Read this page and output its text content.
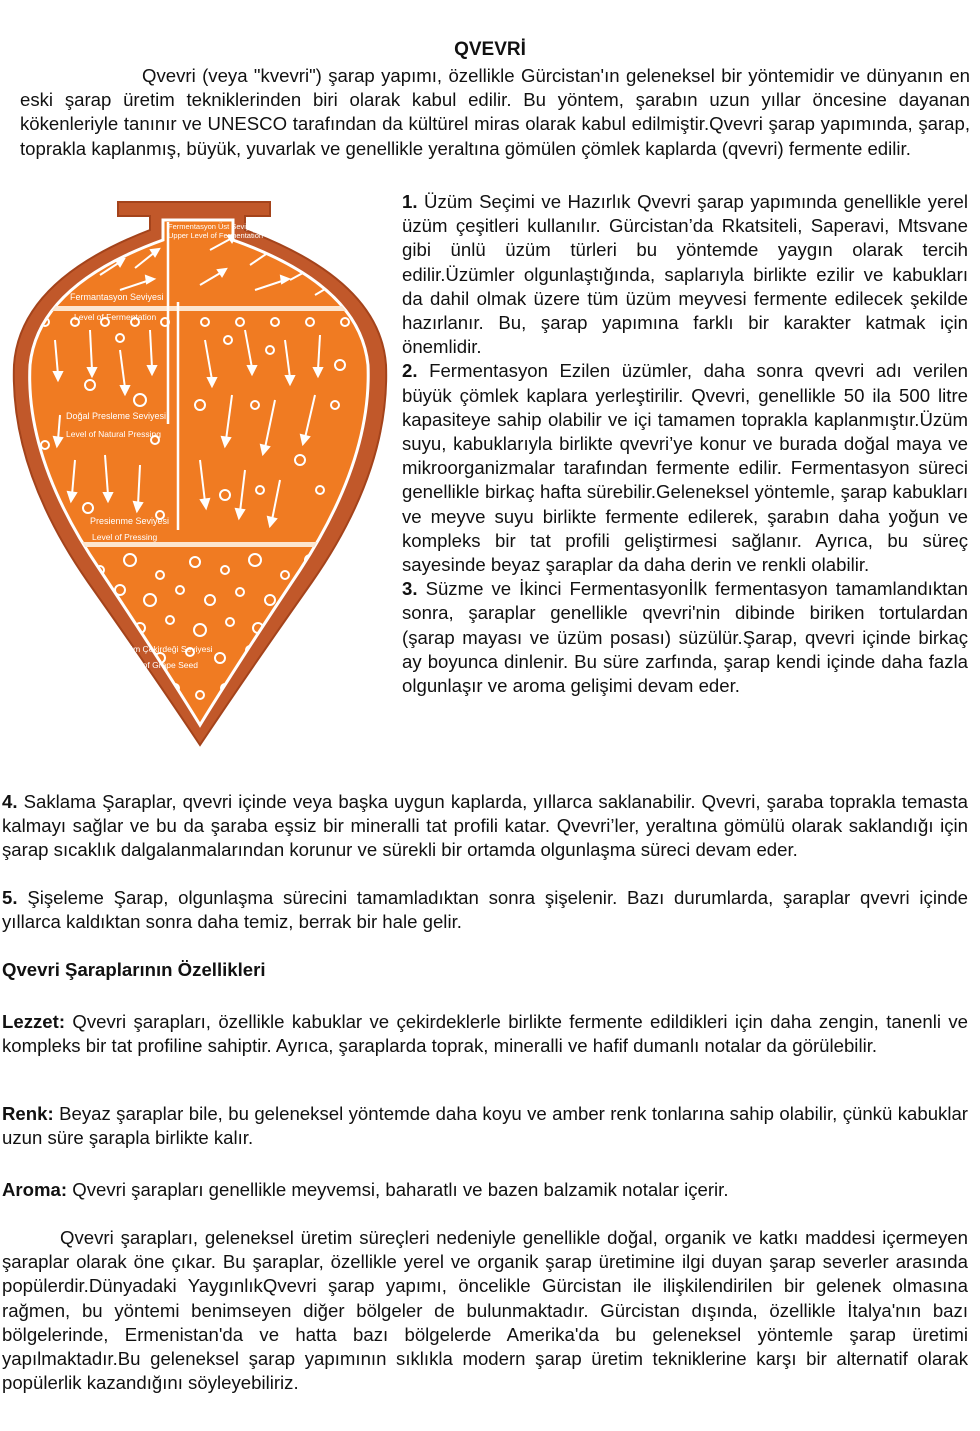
QVEVRİ

Qvevri (veya "kvevri") şarap yapımı, özellikle Gürcistan'ın geleneksel bir yöntemidir ve dünyanın en eski şarap üretim tekniklerinden biri olarak kabul edilir. Bu yöntem, şarabın uzun yıllar öncesine dayanan kökenleriyle tanınır ve UNESCO tarafından da kültürel miras olarak kabul edilmiştir.Qvevri şarap yapımında, şarap, toprakla kaplanmış, büyük, yuvarlak ve genellikle yeraltına gömülen çömlek kaplarda (qvevri) fermente edilir.

Fermentasyon Üst Seviyesi
Upper Level of Fermentation
Fermantasyon Seviyesi
Level of Fermentation
Doğal Presleme Seviyesi
Level of Natural Pressing
Presienme Seviyesi
Level of Pressing
Üzüm Çekirdeği Seviyesi
Level of Grape Seed

1. Üzüm Seçimi ve Hazırlık Qvevri şarap yapımında genellikle yerel üzüm çeşitleri kullanılır. Gürcistan’da Rkatsiteli, Saperavi, Mtsvane gibi ünlü üzüm türleri bu yöntemde yaygın olarak tercih edilir.Üzümler olgunlaştığında, saplarıyla birlikte ezilir ve kabukları da dahil olmak üzere tüm üzüm meyvesi fermente edilecek şekilde hazırlanır. Bu, şarap yapımına farklı bir karakter katmak için önemlidir.

2. Fermentasyon Ezilen üzümler, daha sonra qvevri adı verilen büyük çömlek kaplara yerleştirilir. Qvevri, genellikle 50 ila 500 litre kapasiteye sahip olabilir ve içi tamamen toprakla kaplanmıştır.Üzüm suyu, kabuklarıyla birlikte qvevri’ye konur ve burada doğal maya ve mikroorganizmalar tarafından fermente edilir. Fermentasyon süreci genellikle birkaç hafta sürebilir.Geleneksel yöntemle, şarap kabukları ve meyve suyu birlikte fermente edilerek, şarabın daha yoğun ve kompleks bir tat profili geliştirmesi sağlanır. Ayrıca, bu süreç sayesinde beyaz şaraplar da daha derin ve renkli olabilir.

3. Süzme ve İkinci Fermentasyonİlk fermentasyon tamamlandıktan sonra, şaraplar genellikle qvevri'nin dibinde biriken tortulardan (şarap mayası ve üzüm posası) süzülür.Şarap, qvevri içinde birkaç ay boyunca dinlenir. Bu süre zarfında, şarap kendi içinde daha fazla olgunlaşır ve aroma gelişimi devam eder.

4. Saklama Şaraplar, qvevri içinde veya başka uygun kaplarda, yıllarca saklanabilir. Qvevri, şaraba toprakla temasta kalmayı sağlar ve bu da şaraba eşsiz bir mineralli tat profili katar. Qvevri’ler, yeraltına gömülü olarak saklandığı için şarap sıcaklık dalgalanmalarından korunur ve sürekli bir ortamda olgunlaşma süreci devam eder.
5. Şişeleme Şarap, olgunlaşma sürecini tamamladıktan sonra şişelenir. Bazı durumlarda, şaraplar qvevri içinde yıllarca kaldıktan sonra daha temiz, berrak bir hale gelir.
Qvevri Şaraplarının Özellikleri
Lezzet: Qvevri şarapları, özellikle kabuklar ve çekirdeklerle birlikte fermente edildikleri için daha zengin, tanenli ve kompleks bir tat profiline sahiptir. Ayrıca, şaraplarda toprak, mineralli ve hafif dumanlı notalar da görülebilir.
Renk: Beyaz şaraplar bile, bu geleneksel yöntemde daha koyu ve amber renk tonlarına sahip olabilir, çünkü kabuklar uzun süre şarapla birlikte kalır.
Aroma: Qvevri şarapları genellikle meyvemsi, baharatlı ve bazen balzamik notalar içerir.
Qvevri şarapları, geleneksel üretim süreçleri nedeniyle genellikle doğal, organik ve katkı maddesi içermeyen şaraplar olarak öne çıkar. Bu şaraplar, özellikle yerel ve organik şarap üretimine ilgi duyan şarap severler arasında popülerdir.Dünyadaki YaygınlıkQvevri şarap yapımı, öncelikle Gürcistan ile ilişkilendirilen bir gelenek olmasına rağmen, bu yöntemi benimseyen diğer bölgeler de bulunmaktadır. Gürcistan dışında, özellikle İtalya'nın bazı bölgelerinde, Ermenistan'da ve hatta bazı bölgelerde Amerika'da bu geleneksel yöntemle şarap üretimi yapılmaktadır.Bu geleneksel şarap yapımının sıklıkla modern şarap üretim tekniklerine karşı bir alternatif olarak popülerlik kazandığını söyleyebiliriz.
